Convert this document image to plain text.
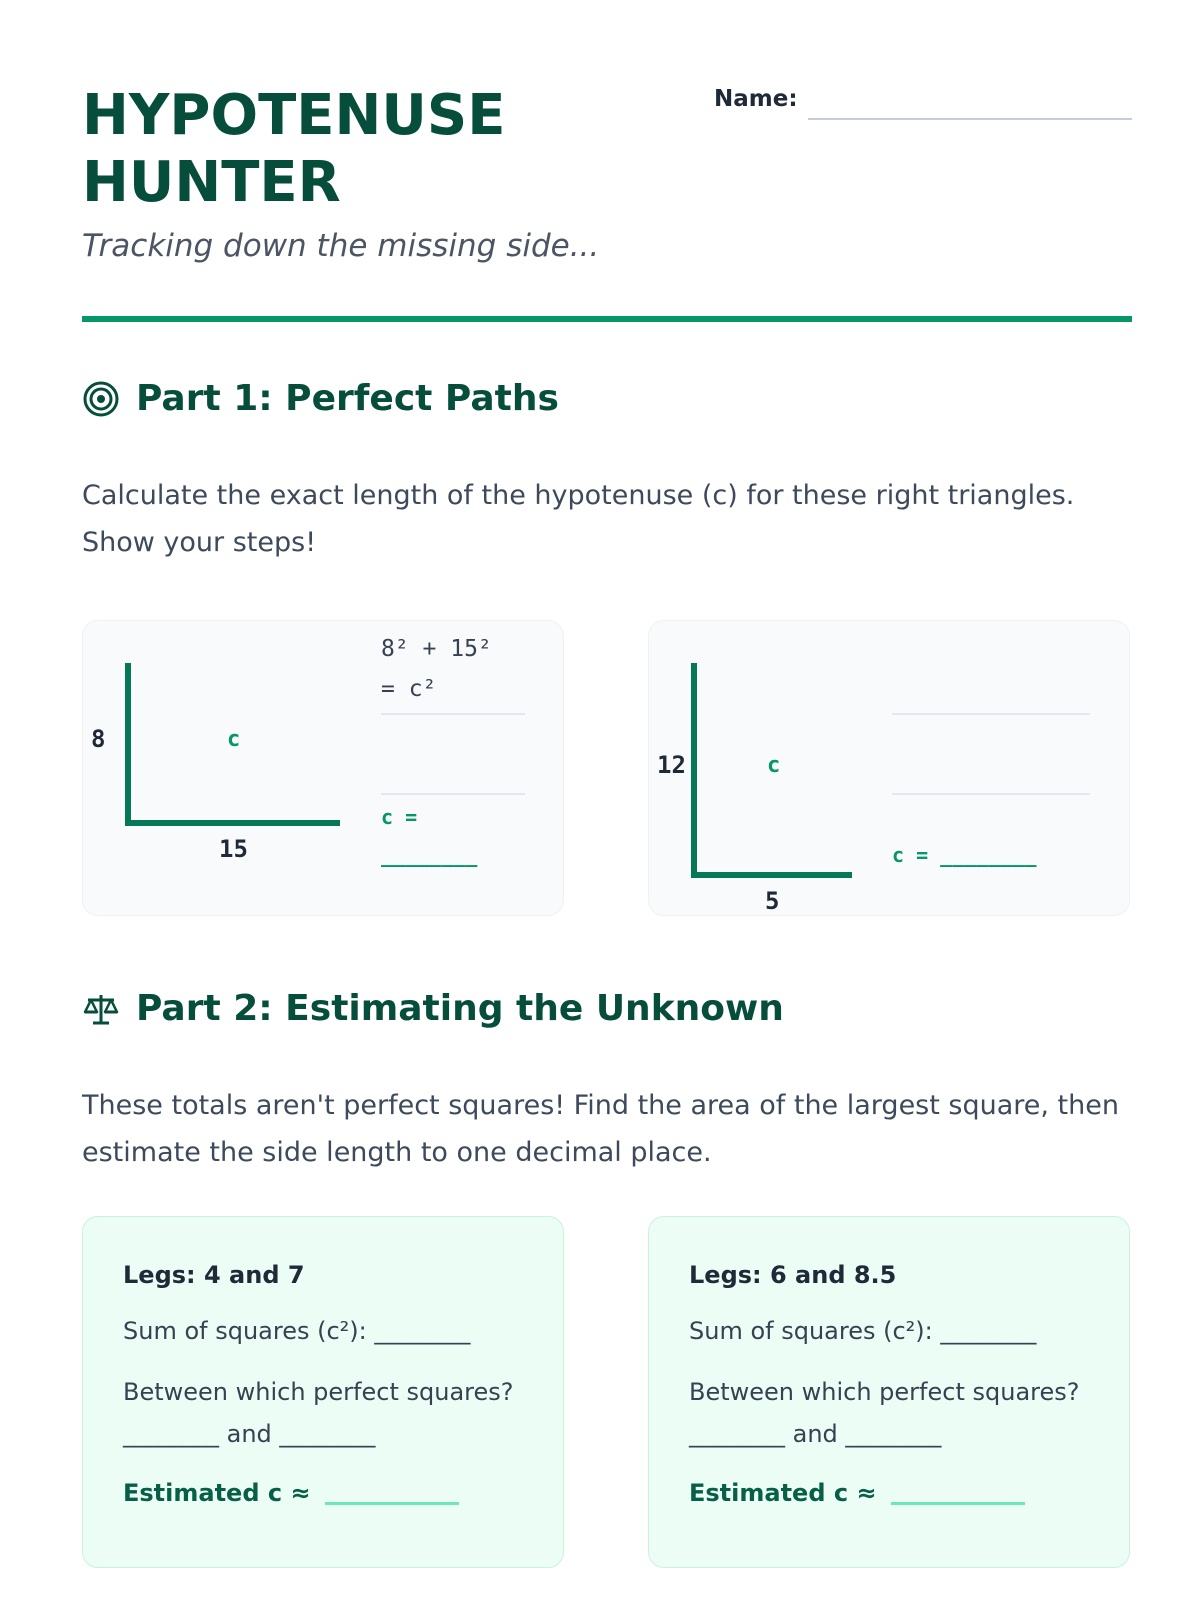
HYPOTENUSE
HUNTER

Tracking down the missing side...

Name:
Part 1: Perfect Paths

Calculate the exact length of the hypotenuse (c) for these right triangles. Show your steps!

8
15
c
8² + 15²
= c²
c =
________
12
5
c
c = ________
Part 2: Estimating the Unknown

These totals aren't perfect squares! Find the area of the largest square, then estimate the side length to one decimal place.

Legs: 4 and 7

Sum of squares (c²): ________

Between which perfect squares?
________ and ________

Estimated c ≈

Legs: 6 and 8.5

Sum of squares (c²): ________

Between which perfect squares?
________ and ________

Estimated c ≈
